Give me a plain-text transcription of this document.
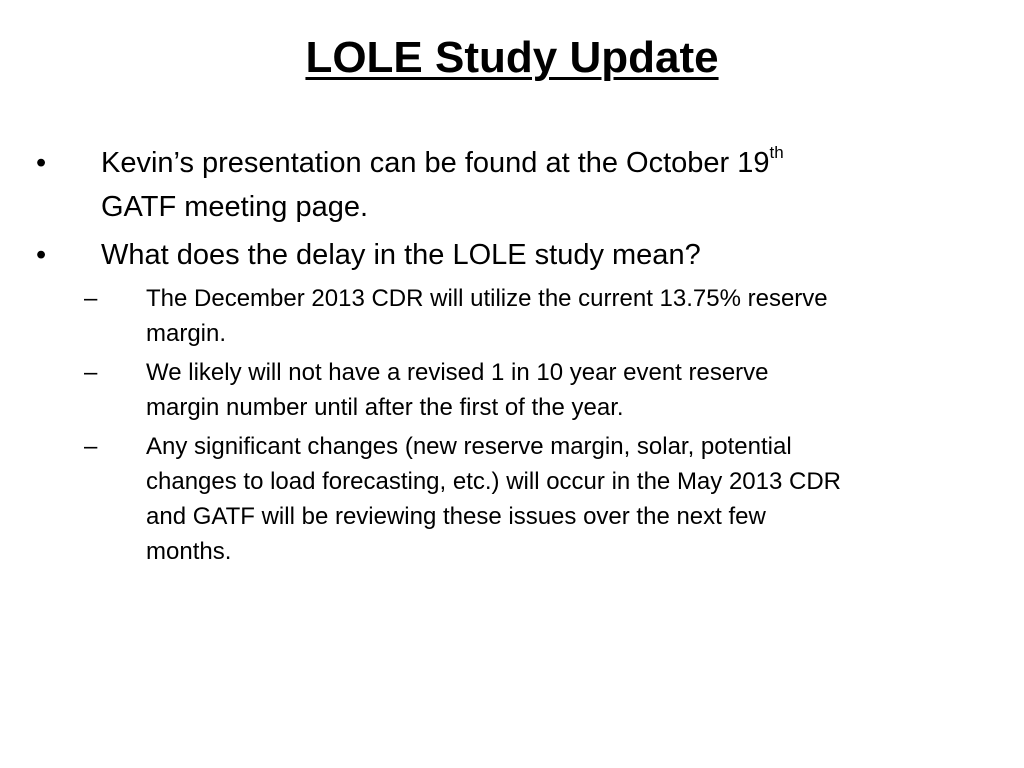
LOLE Study Update
• Kevin’s presentation can be found at the October 19th
GATF meeting page.
• What does the delay in the LOLE study mean?
– The December 2013 CDR will utilize the current 13.75% reserve
margin.
– We likely will not have a revised 1 in 10 year event reserve
margin number until after the first of the year.
– Any significant changes (new reserve margin, solar, potential
changes to load forecasting, etc.) will occur in the May 2013 CDR
and GATF will be reviewing these issues over the next few
months.
